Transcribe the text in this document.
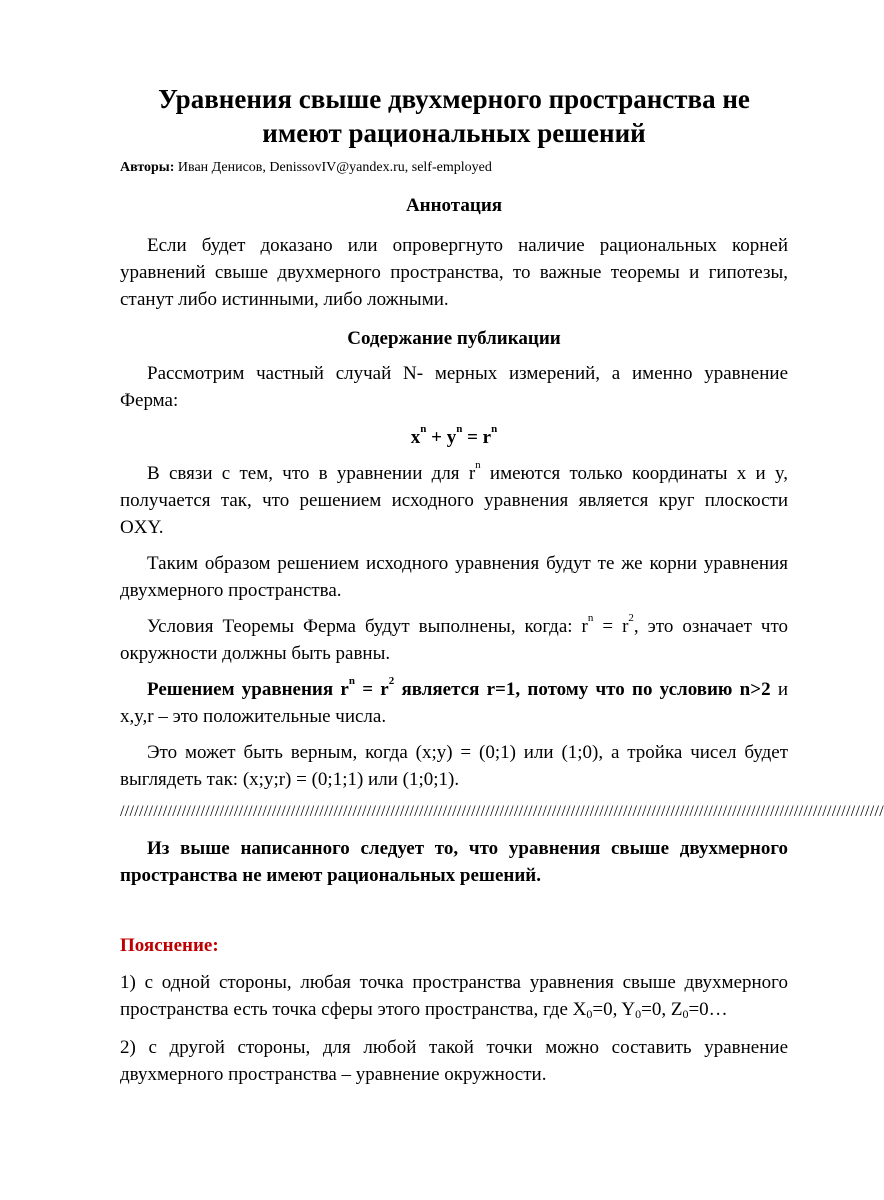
Уравнения свыше двухмерного пространства не имеют рациональных решений
Авторы: Иван Денисов, DenissovIV@yandex.ru, self-employed
Аннотация

Если будет доказано или опровергнуто наличие рациональных корней уравнений свыше двухмерного пространства, то важные теоремы и гипотезы, станут либо истинными, либо ложными.

Содержание публикации

Рассмотрим частный случай N- мерных измерений, а именно уравнение Ферма:

$x^n + y^n = r^n$

В связи с тем, что в уравнении для $r^n$ имеются только координаты x и y, получается так, что решением исходного уравнения является круг плоскости OXY.

Таким образом решением исходного уравнения будут те же корни уравнения двухмерного пространства.

Условия Теоремы Ферма будут выполнены, когда: $r^n = r^2$, это означает что окружности должны быть равны.

Решением уравнения $r^n = r^2$ является r=1, потому что по условию n>2 и x,y,r – это положительные числа.

Это может быть верным, когда (x;y) = (0;1) или (1;0), а тройка чисел будет выглядеть так: (x;y;r) = (0;1;1) или (1;0;1).

/////////////////////////////////////////////////////////////////////////////////////////////////////////////////////////////////////////////////////////////////

Из выше написанного следует то, что уравнения свыше двухмерного пространства не имеют рациональных решений.

Пояснение:

1) с одной стороны, любая точка пространства уравнения свыше двухмерного пространства есть точка сферы этого пространства, где $X_0=0$, $Y_0=0$, $Z_0=0\dots$

2) с другой стороны, для любой такой точки можно составить уравнение двухмерного пространства – уравнение окружности.
